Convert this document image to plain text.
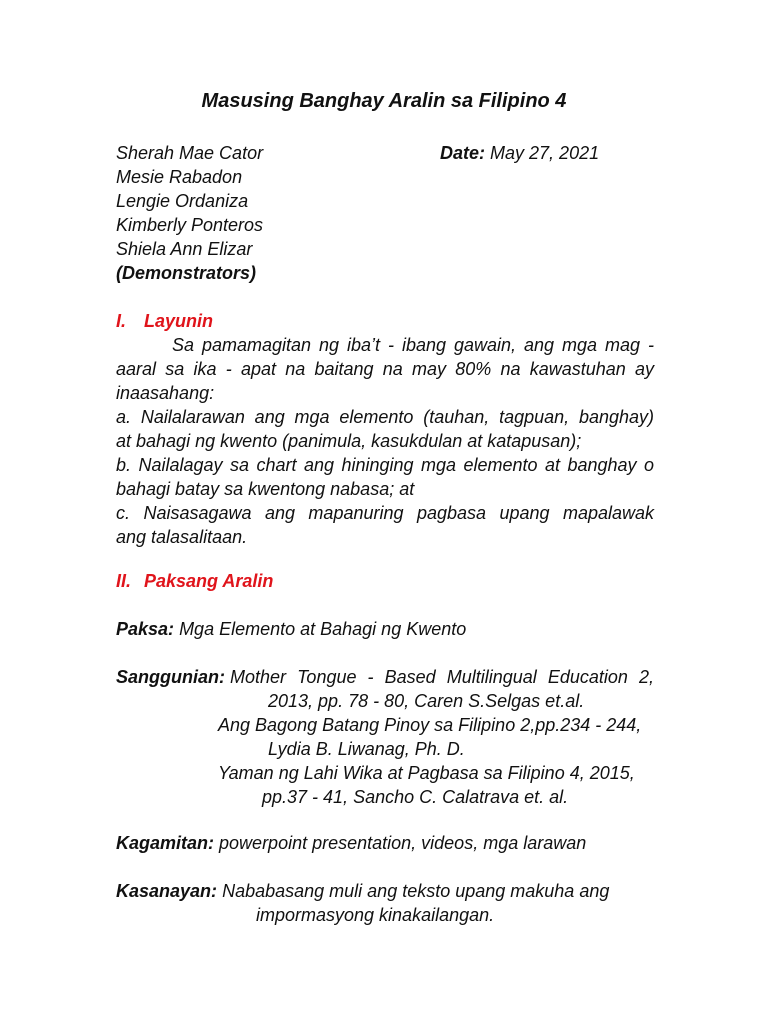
Masusing Banghay Aralin sa Filipino 4
Sherah Mae Cator
Mesie Rabadon
Lengie Ordaniza
Kimberly Ponteros
Shiela Ann Elizar
(Demonstrators)
Date: May 27, 2021
I. Layunin
Sa pamamagitan ng iba’t - ibang gawain, ang mga mag -
aaral sa ika - apat na baitang na may 80% na kawastuhan ay
inaasahang:
a. Nailalarawan ang mga elemento (tauhan, tagpuan, banghay)
at bahagi ng kwento (panimula, kasukdulan at katapusan);
b. Nailalagay sa chart ang hininging mga elemento at banghay o
bahagi batay sa kwentong nabasa; at
c. Naisasagawa ang mapanuring pagbasa upang mapalawak
ang talasalitaan.
II. Paksang Aralin
Paksa: Mga Elemento at Bahagi ng Kwento
Sanggunian: Mother Tongue - Based Multilingual Education 2,
2013, pp. 78 - 80, Caren S.Selgas et.al.
Ang Bagong Batang Pinoy sa Filipino 2,pp.234 - 244,
Lydia B. Liwanag, Ph. D.
Yaman ng Lahi Wika at Pagbasa sa Filipino 4, 2015,
pp.37 - 41, Sancho C. Calatrava et. al.
Kagamitan: powerpoint presentation, videos, mga larawan
Kasanayan: Nababasang muli ang teksto upang makuha ang
impormasyong kinakailangan.
